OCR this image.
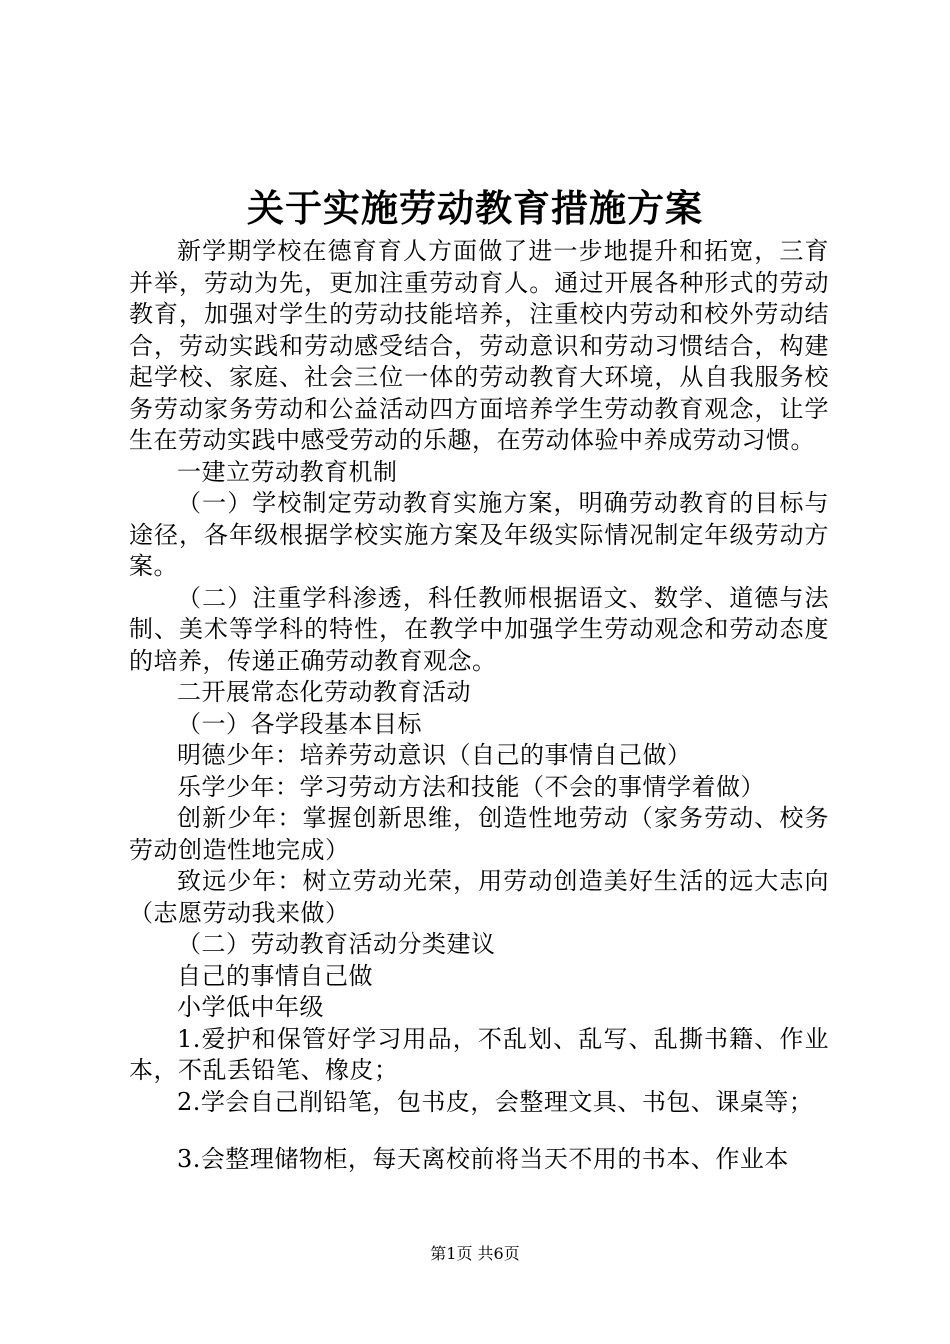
关于实施劳动教育措施方案

新学期学校在德育育人方面做了进一步地提升和拓宽，三育并举，劳动为先，更加注重劳动育人。通过开展各种形式的劳动教育，加强对学生的劳动技能培养，注重校内劳动和校外劳动结合，劳动实践和劳动感受结合，劳动意识和劳动习惯结合，构建起学校、家庭、社会三位一体的劳动教育大环境，从自我服务校务劳动家务劳动和公益活动四方面培养学生劳动教育观念，让学生在劳动实践中感受劳动的乐趣，在劳动体验中养成劳动习惯。

一建立劳动教育机制

（一）学校制定劳动教育实施方案，明确劳动教育的目标与途径，各年级根据学校实施方案及年级实际情况制定年级劳动方案。

（二）注重学科渗透，科任教师根据语文、数学、道德与法制、美术等学科的特性，在教学中加强学生劳动观念和劳动态度的培养，传递正确劳动教育观念。

二开展常态化劳动教育活动

（一）各学段基本目标

明德少年：培养劳动意识（自己的事情自己做）

乐学少年：学习劳动方法和技能（不会的事情学着做）

创新少年：掌握创新思维，创造性地劳动（家务劳动、校务劳动创造性地完成）

致远少年：树立劳动光荣，用劳动创造美好生活的远大志向（志愿劳动我来做）

（二）劳动教育活动分类建议

自己的事情自己做

小学低中年级

1.爱护和保管好学习用品，不乱划、乱写、乱撕书籍、作业本，不乱丢铅笔、橡皮；

2.学会自己削铅笔，包书皮，会整理文具、书包、课桌等；

3.会整理储物柜，每天离校前将当天不用的书本、作业本

第1页 共6页
